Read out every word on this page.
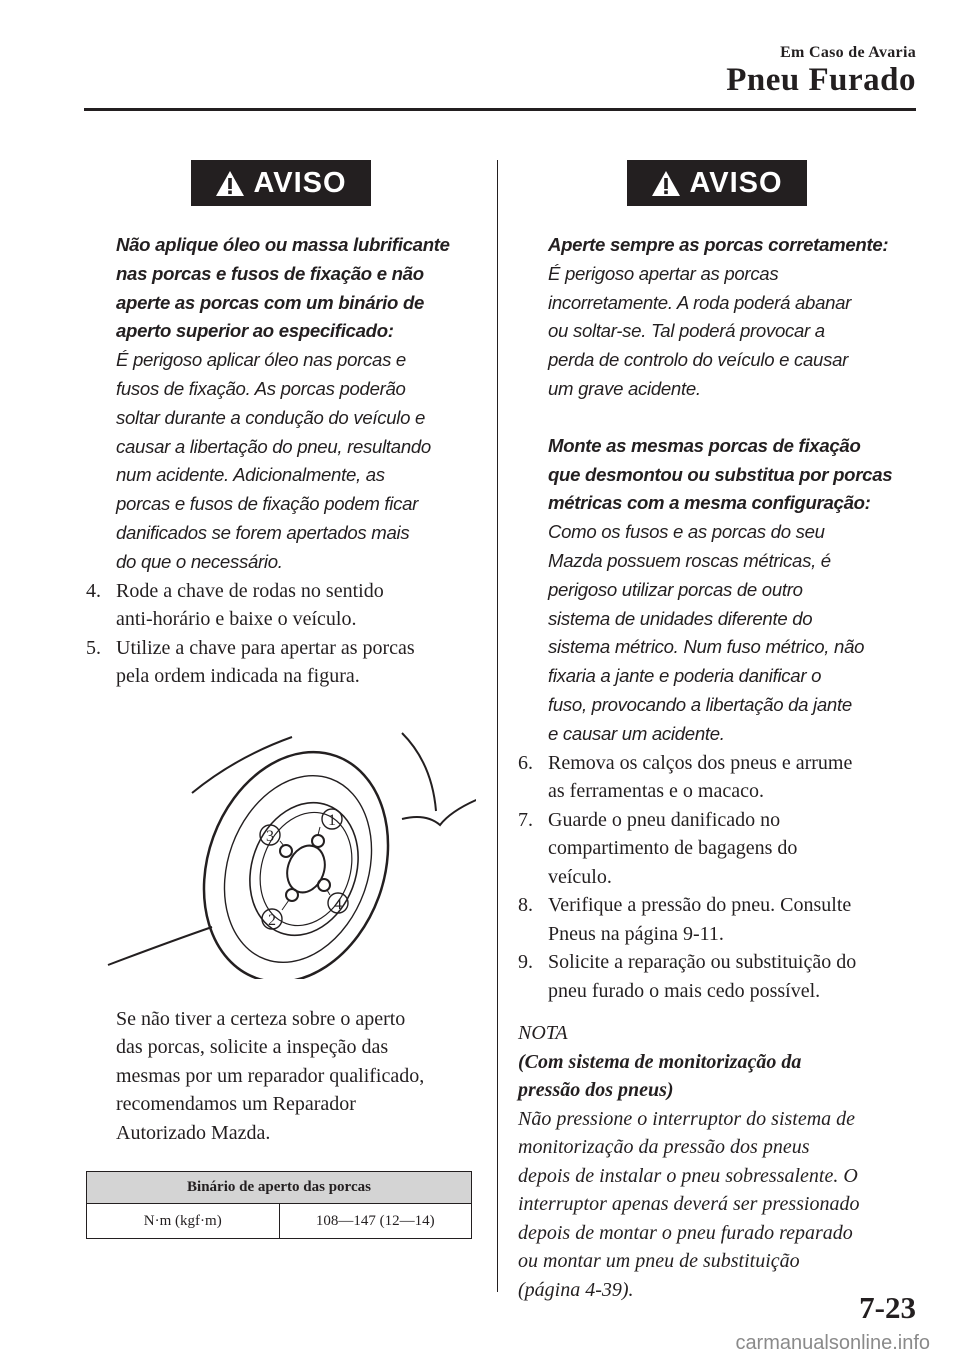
Em Caso de Avaria
Pneu Furado
AVISO
Não aplique óleo ou massa lubrificante
nas porcas e fusos de fixação e não
aperte as porcas com um binário de
aperto superior ao especificado:
É perigoso aplicar óleo nas porcas e
fusos de fixação. As porcas poderão
soltar durante a condução do veículo e
causar a libertação do pneu, resultando
num acidente. Adicionalmente, as
porcas e fusos de fixação podem ficar
danificados se forem apertados mais
do que o necessário.
4. Rode a chave de rodas no sentido
anti-horário e baixe o veículo.
5. Utilize a chave para apertar as porcas
pela ordem indicada na figura.
1
2
3
4
Se não tiver a certeza sobre o aperto
das porcas, solicite a inspeção das
mesmas por um reparador qualificado,
recomendamos um Reparador
Autorizado Mazda.
Binário de aperto das porcas
N·m (kgf·m)	108—147 (12—14)
AVISO
Aperte sempre as porcas corretamente:
É perigoso apertar as porcas
incorretamente. A roda poderá abanar
ou soltar-se. Tal poderá provocar a
perda de controlo do veículo e causar
um grave acidente.
Monte as mesmas porcas de fixação
que desmontou ou substitua por porcas
métricas com a mesma configuração:
Como os fusos e as porcas do seu
Mazda possuem roscas métricas, é
perigoso utilizar porcas de outro
sistema de unidades diferente do
sistema métrico. Num fuso métrico, não
fixaria a jante e poderia danificar o
fuso, provocando a libertação da jante
e causar um acidente.
6. Remova os calços dos pneus e arrume
as ferramentas e o macaco.
7. Guarde o pneu danificado no
compartimento de bagagens do
veículo.
8. Verifique a pressão do pneu. Consulte
Pneus na página 9-11.
9. Solicite a reparação ou substituição do
pneu furado o mais cedo possível.
NOTA
(Com sistema de monitorização da
pressão dos pneus)
Não pressione o interruptor do sistema de
monitorização da pressão dos pneus
depois de instalar o pneu sobressalente. O
interruptor apenas deverá ser pressionado
depois de montar o pneu furado reparado
ou montar um pneu de substituição
(página 4-39).
7-23
carmanualsonline.info
